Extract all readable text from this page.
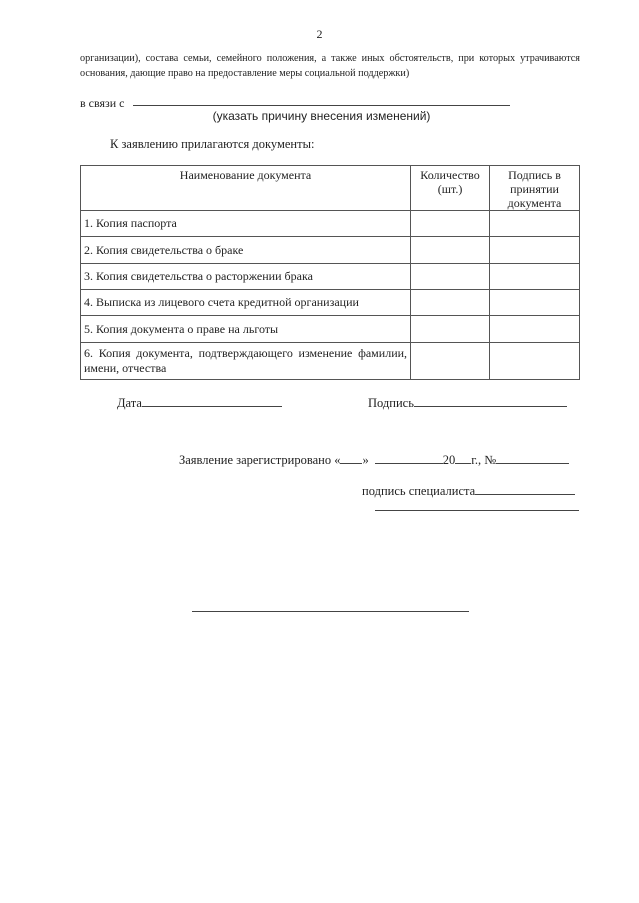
2
организации), состава семьи, семейного положения, а также иных обстоятельств, при которых утрачиваются основания, дающие право на предоставление меры социальной поддержки)
в связи с
(указать причину внесения изменений)
К заявлению прилагаются документы:
Наименование документа	Количество (шт.)	Подпись в принятии документа
1. Копия паспорта		
2. Копия свидетельства о браке		
3. Копия свидетельства о расторжении брака		
4. Выписка из лицевого счета кредитной организации		
5. Копия документа о праве на льготы		
6. Копия документа, подтверждающего изменение фамилии, имени, отчества		
Дата	Подпись
Заявление зарегистрировано « »	20 г., №
подпись специалиста
